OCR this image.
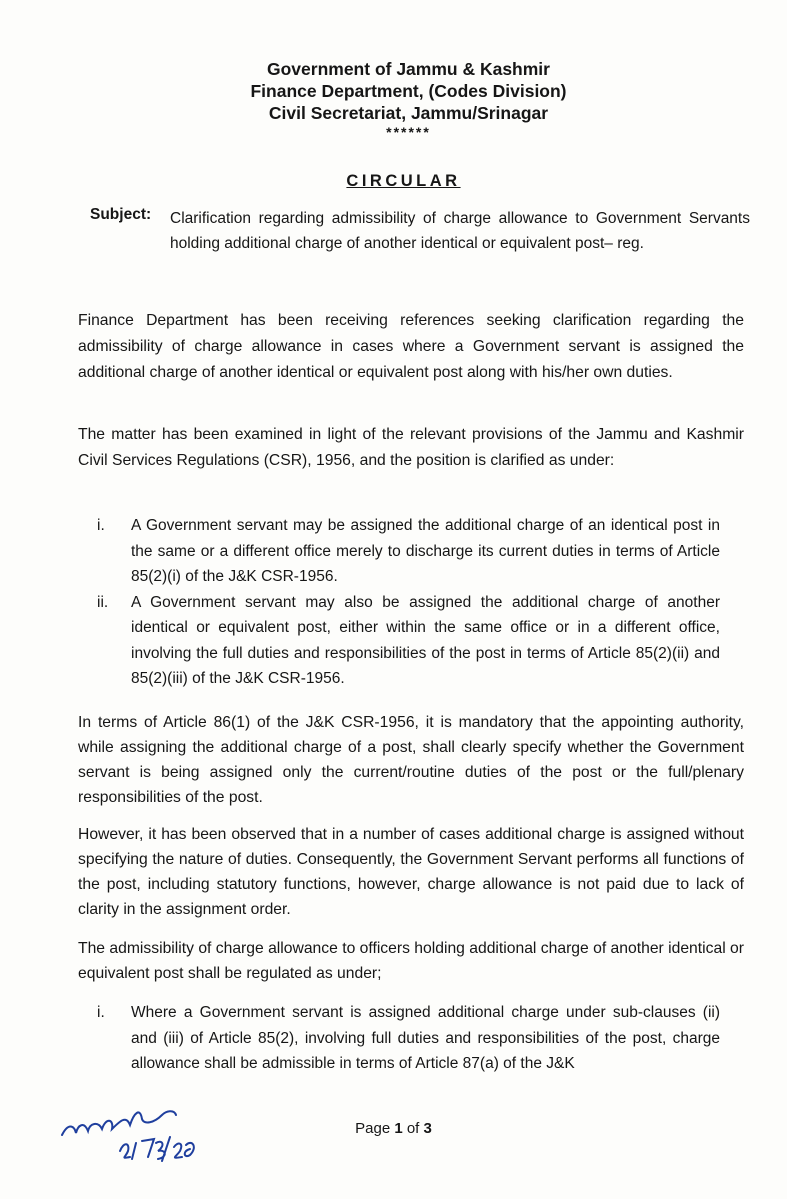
Government of Jammu & Kashmir
Finance Department, (Codes Division)
Civil Secretariat, Jammu/Srinagar
******
CIRCULAR
Subject: Clarification regarding admissibility of charge allowance to Government Servants holding additional charge of another identical or equivalent post– reg.
Finance Department has been receiving references seeking clarification regarding the admissibility of charge allowance in cases where a Government servant is assigned the additional charge of another identical or equivalent post along with his/her own duties.
The matter has been examined in light of the relevant provisions of the Jammu and Kashmir Civil Services Regulations (CSR), 1956, and the position is clarified as under:
i. A Government servant may be assigned the additional charge of an identical post in the same or a different office merely to discharge its current duties in terms of Article 85(2)(i) of the J&K CSR-1956.
ii. A Government servant may also be assigned the additional charge of another identical or equivalent post, either within the same office or in a different office, involving the full duties and responsibilities of the post in terms of Article 85(2)(ii) and 85(2)(iii) of the J&K CSR-1956.
In terms of Article 86(1) of the J&K CSR-1956, it is mandatory that the appointing authority, while assigning the additional charge of a post, shall clearly specify whether the Government servant is being assigned only the current/routine duties of the post or the full/plenary responsibilities of the post.
However, it has been observed that in a number of cases additional charge is assigned without specifying the nature of duties. Consequently, the Government Servant performs all functions of the post, including statutory functions, however, charge allowance is not paid due to lack of clarity in the assignment order.
The admissibility of charge allowance to officers holding additional charge of another identical or equivalent post shall be regulated as under;
i. Where a Government servant is assigned additional charge under sub-clauses (ii) and (iii) of Article 85(2), involving full duties and responsibilities of the post, charge allowance shall be admissible in terms of Article 87(a) of the J&K
Page 1 of 3
